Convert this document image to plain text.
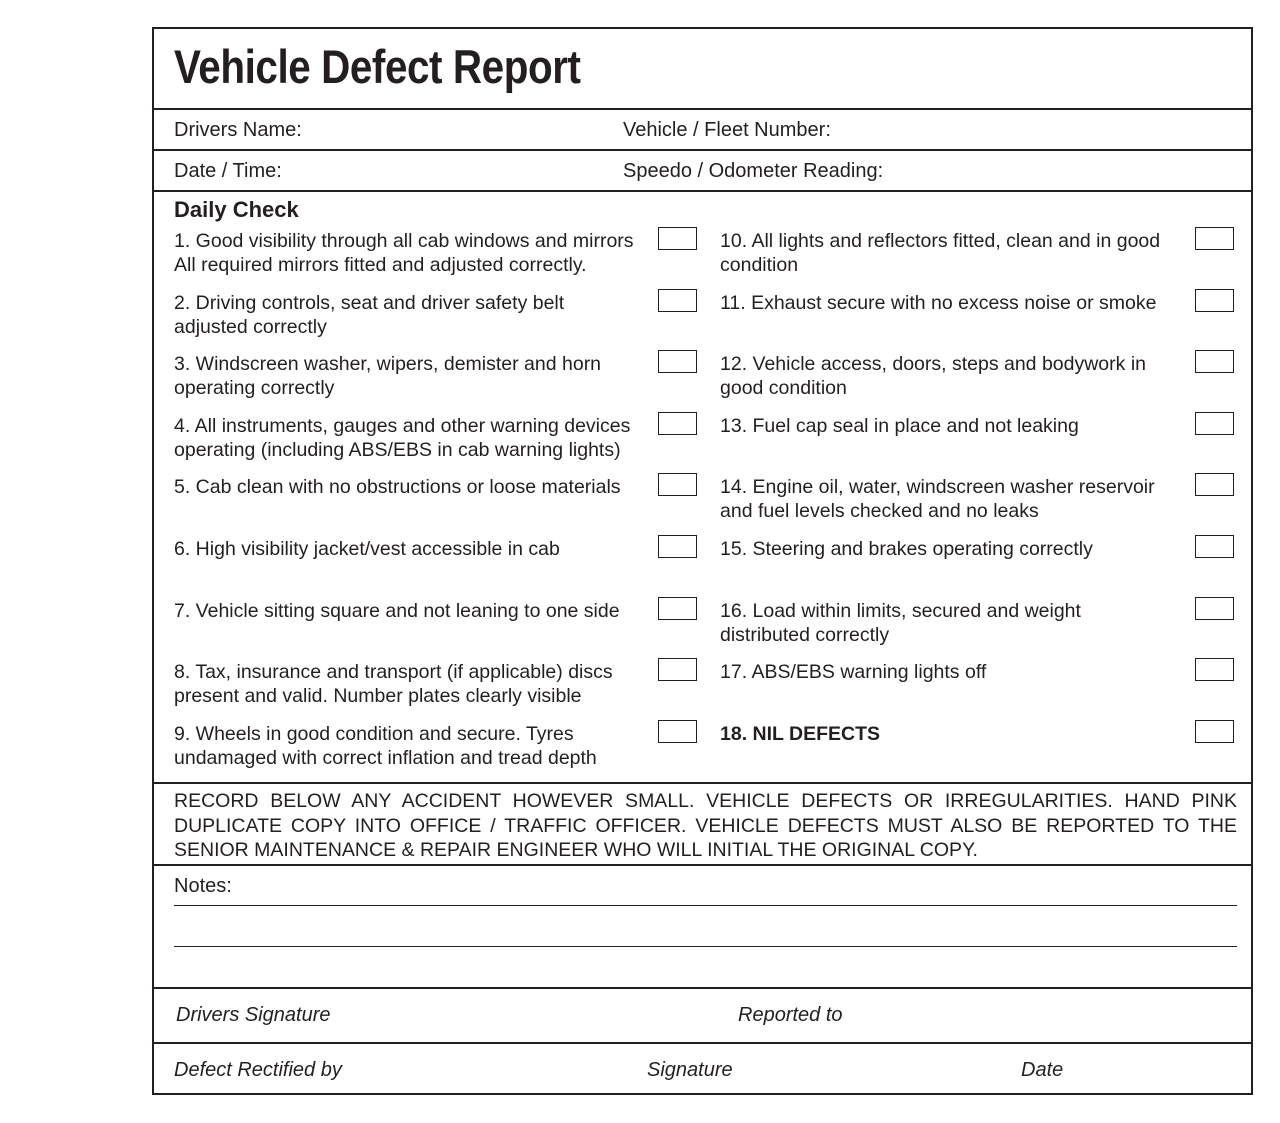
Vehicle Defect Report
Drivers Name:	Vehicle / Fleet Number:
Date / Time:	Speedo / Odometer Reading:
Daily Check
1. Good visibility through all cab windows and mirrors
All required mirrors fitted and adjusted correctly.
2. Driving controls, seat and driver safety belt
adjusted correctly
3. Windscreen washer, wipers, demister and horn
operating correctly
4. All instruments, gauges and other warning devices
operating (including ABS/EBS in cab warning lights)
5. Cab clean with no obstructions or loose materials
6. High visibility jacket/vest accessible in cab
7. Vehicle sitting square and not leaning to one side
8. Tax, insurance and transport (if applicable) discs
present and valid. Number plates clearly visible
9. Wheels in good condition and secure. Tyres
undamaged with correct inflation and tread depth
10. All lights and reflectors fitted, clean and in good
condition
11. Exhaust secure with no excess noise or smoke
12. Vehicle access, doors, steps and bodywork in
good condition
13. Fuel cap seal in place and not leaking
14. Engine oil, water, windscreen washer reservoir
and fuel levels checked and no leaks
15. Steering and brakes operating correctly
16. Load within limits, secured and weight
distributed correctly
17. ABS/EBS warning lights off
18. NIL DEFECTS
RECORD BELOW ANY ACCIDENT HOWEVER SMALL. VEHICLE DEFECTS OR IRREGULARITIES. HAND PINK DUPLICATE COPY INTO OFFICE / TRAFFIC OFFICER. VEHICLE DEFECTS MUST ALSO BE REPORTED TO THE SENIOR MAINTENANCE & REPAIR ENGINEER WHO WILL INITIAL THE ORIGINAL COPY.
Notes:
Drivers Signature	Reported to
Defect Rectified by	Signature	Date
